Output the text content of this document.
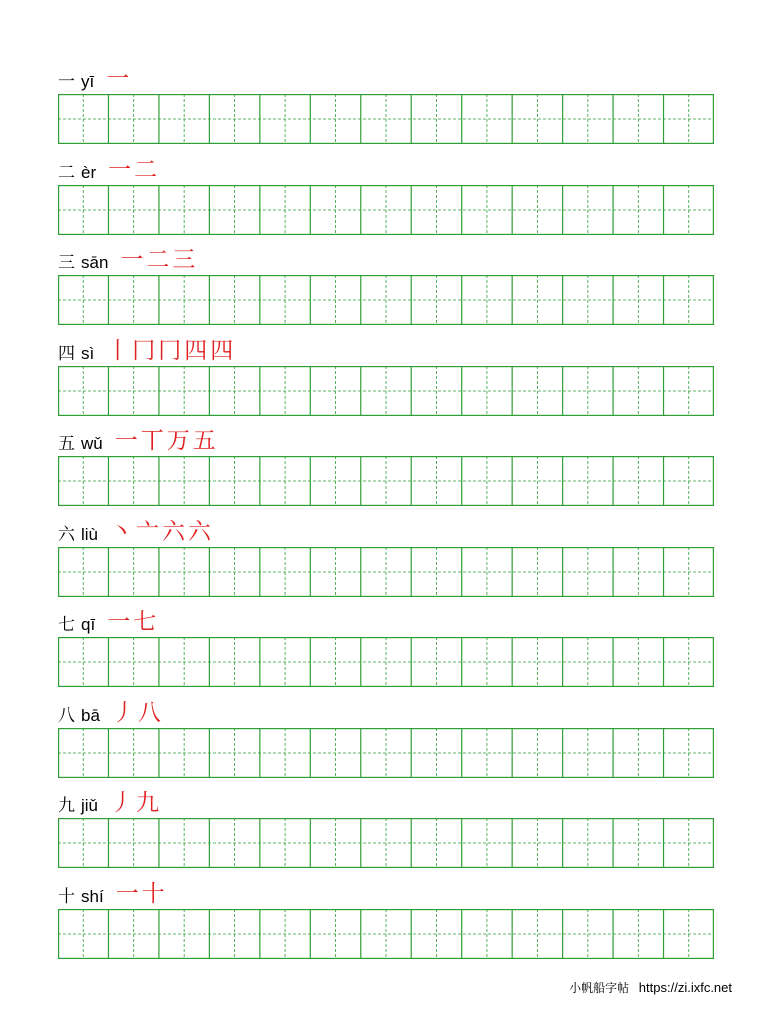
一 yī 一
二 èr 一 二
三 sān 一 二 三
四 sì 丨 冂 冂 四 四
五 wǔ 一 丅 万 五
六 liù 丶 亠 六 六
七 qī 一 七
八 bā 丿 八
九 jiǔ 丿 九
十 shí 一 十
小帆船字帖 https://zi.ixfc.net
